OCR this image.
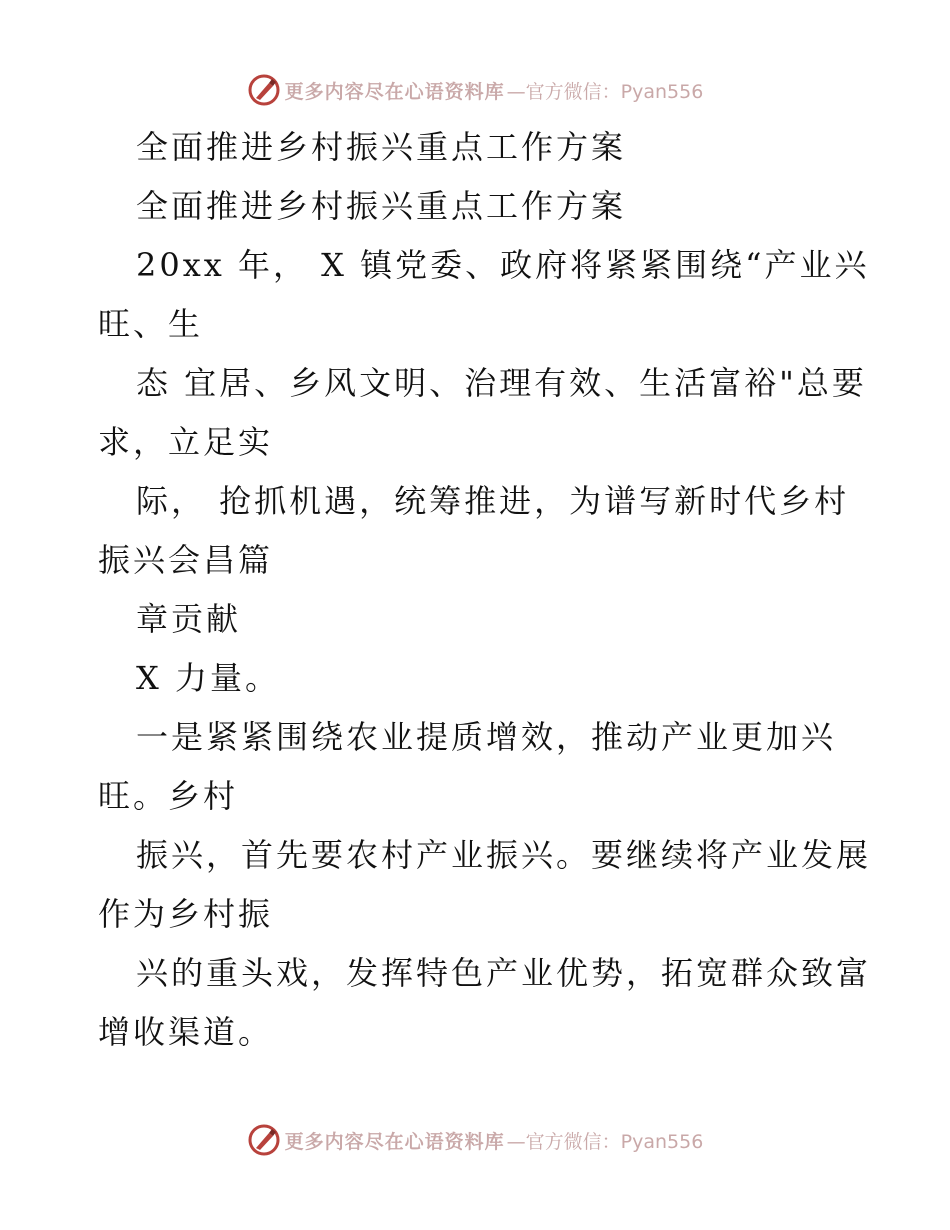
更多内容尽在心语资料库 —官方微信：Pyan556
全面推进乡村振兴重点工作方案
全面推进乡村振兴重点工作方案
20xx 年， X 镇党委、政府将紧紧围绕“产业兴
旺、生
态 宜居、乡风文明、治理有效、生活富裕"总要
求，立足实
际， 抢抓机遇，统筹推进，为谱写新时代乡村
振兴会昌篇
章贡献
X 力量。
一是紧紧围绕农业提质增效，推动产业更加兴
旺。乡村
振兴，首先要农村产业振兴。要继续将产业发展
作为乡村振
兴的重头戏，发挥特色产业优势，拓宽群众致富
增收渠道。
更多内容尽在心语资料库 —官方微信：Pyan556
